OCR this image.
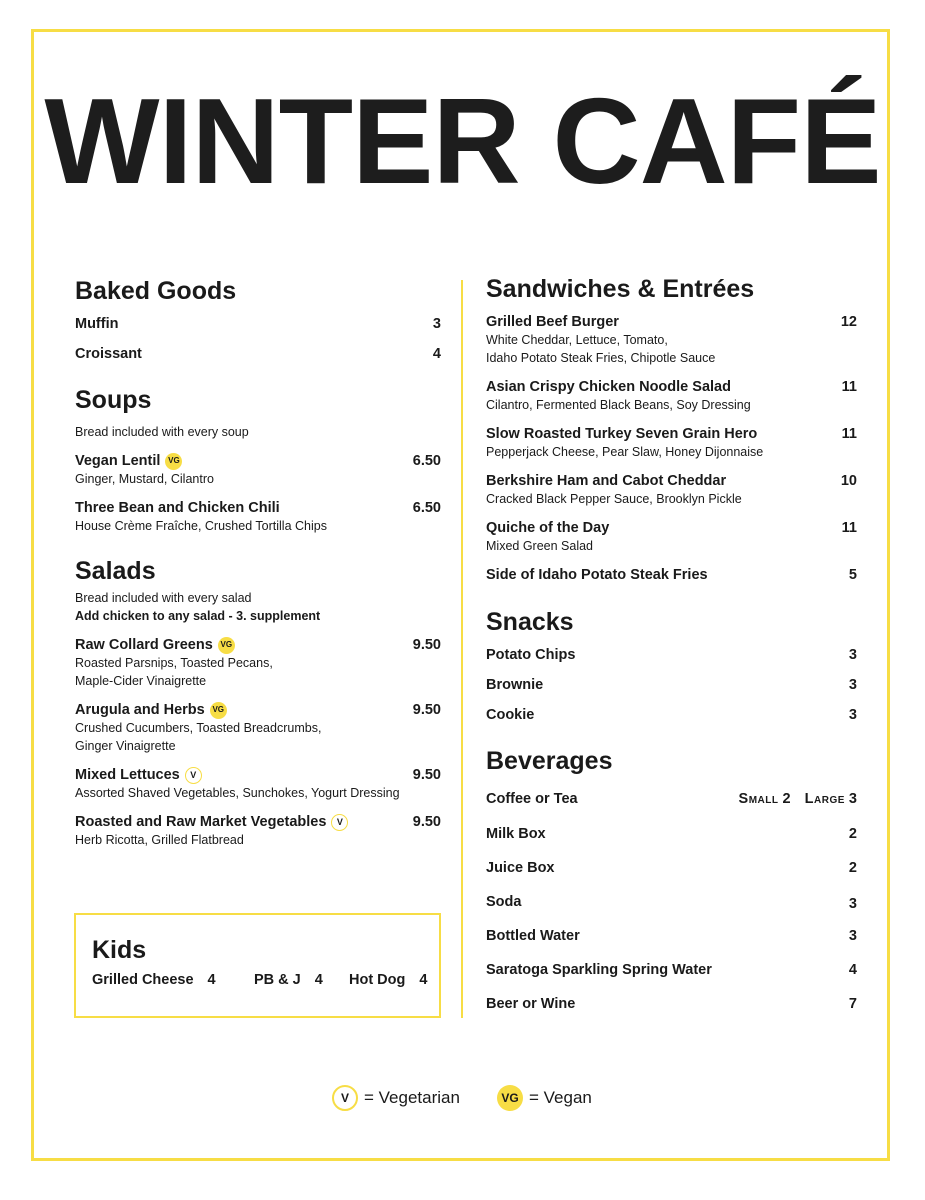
WINTER CAFÉ
Baked Goods
Muffin	3
Croissant	4
Soups
Bread included with every soup
Vegan Lentil VG	6.50
Ginger, Mustard, Cilantro
Three Bean and Chicken Chili	6.50
House Crème Fraîche, Crushed Tortilla Chips
Salads
Bread included with every salad
Add chicken to any salad - 3. supplement
Raw Collard Greens VG	9.50
Roasted Parsnips, Toasted Pecans,
Maple-Cider Vinaigrette
Arugula and Herbs VG	9.50
Crushed Cucumbers, Toasted Breadcrumbs,
Ginger Vinaigrette
Mixed Lettuces	V	9.50
Assorted Shaved Vegetables, Sunchokes, Yogurt Dressing
Roasted and Raw Market Vegetables	V	9.50
Herb Ricotta, Grilled Flatbread
Kids
Grilled Cheese 4	PB & J 4 Hot Dog 4
Sandwiches & Entrées
Grilled Beef Burger	12
White Cheddar, Lettuce, Tomato,
Idaho Potato Steak Fries, Chipotle Sauce
Asian Crispy Chicken Noodle Salad	11
Cilantro, Fermented Black Beans, Soy Dressing
Slow Roasted Turkey Seven Grain Hero	11
Pepperjack Cheese, Pear Slaw, Honey Dijonnaise
Berkshire Ham and Cabot Cheddar	10
Cracked Black Pepper Sauce, Brooklyn Pickle
Quiche of the Day	11
Mixed Green Salad
Side of Idaho Potato Steak Fries	5
Snacks
Potato Chips	3
Brownie	3
Cookie	3
Beverages
Coffee or Tea	Small 2 Large 3
Milk Box	2
Juice Box	2
Soda	3
Bottled Water	3
Saratoga Sparkling Spring Water	4
Beer or Wine	7
V = Vegetarian	VG = Vegan
